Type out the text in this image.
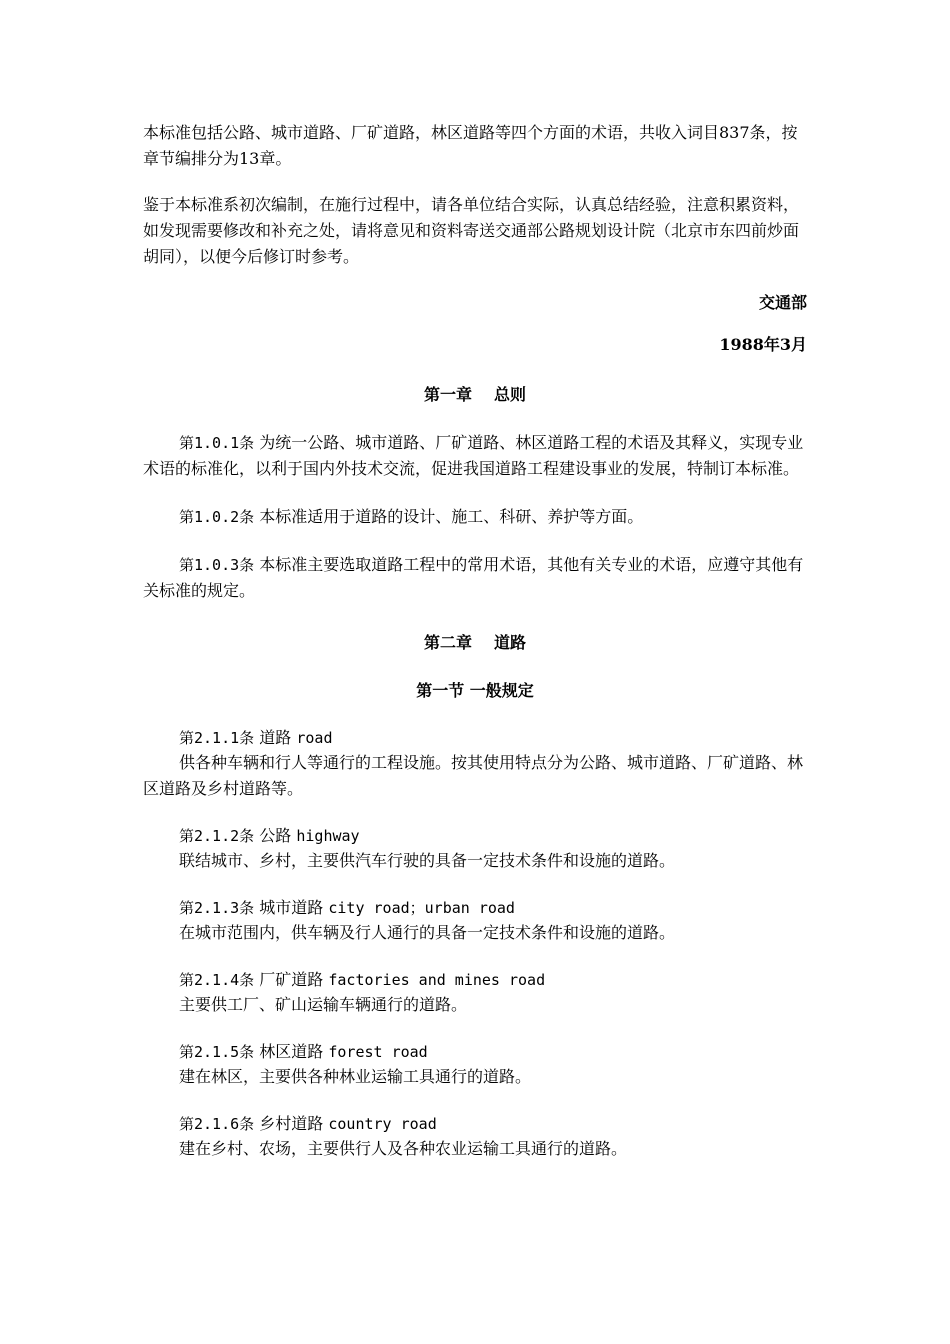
本标准包括公路、城市道路、厂矿道路，林区道路等四个方面的术语，共收入词目837条，按章节编排分为13章。

鉴于本标准系初次编制，在施行过程中，请各单位结合实际，认真总结经验，注意积累资料，如发现需要修改和补充之处，请将意见和资料寄送交通部公路规划设计院（北京市东四前炒面胡同），以便今后修订时参考。

交通部

1988年3月

第一章 总则

第1.0.1条 为统一公路、城市道路、厂矿道路、林区道路工程的术语及其释义，实现专业术语的标准化，以利于国内外技术交流，促进我国道路工程建设事业的发展，特制订本标准。

第1.0.2条 本标准适用于道路的设计、施工、科研、养护等方面。

第1.0.3条 本标准主要选取道路工程中的常用术语，其他有关专业的术语，应遵守其他有关标准的规定。

第二章 道路

第一节 一般规定

第2.1.1条 道路 road

供各种车辆和行人等通行的工程设施。按其使用特点分为公路、城市道路、厂矿道路、林区道路及乡村道路等。

第2.1.2条 公路 highway

联结城市、乡村，主要供汽车行驶的具备一定技术条件和设施的道路。

第2.1.3条 城市道路 city road；urban road

在城市范围内，供车辆及行人通行的具备一定技术条件和设施的道路。

第2.1.4条 厂矿道路 factories and mines road

主要供工厂、矿山运输车辆通行的道路。

第2.1.5条 林区道路 forest road

建在林区，主要供各种林业运输工具通行的道路。

第2.1.6条 乡村道路 country road

建在乡村、农场，主要供行人及各种农业运输工具通行的道路。
